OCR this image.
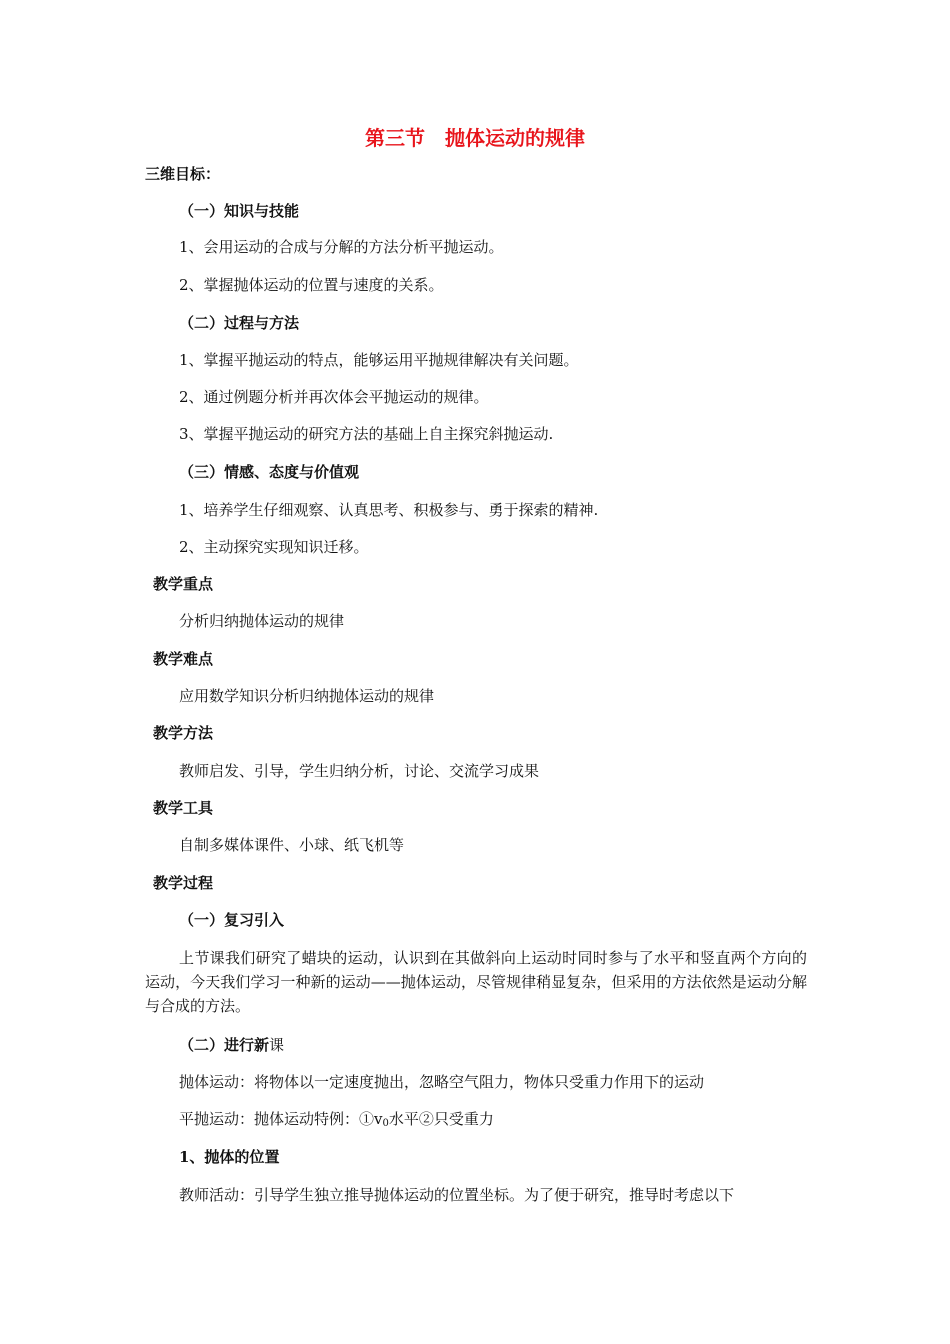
第三节　抛体运动的规律
三维目标：
（一）知识与技能
1、会用运动的合成与分解的方法分析平抛运动。
2、掌握抛体运动的位置与速度的关系。
（二）过程与方法
1、掌握平抛运动的特点，能够运用平抛规律解决有关问题。
2、通过例题分析并再次体会平抛运动的规律。
3、掌握平抛运动的研究方法的基础上自主探究斜抛运动.
（三）情感、态度与价值观
1、培养学生仔细观察、认真思考、积极参与、勇于探索的精神.
2、主动探究实现知识迁移。
教学重点
分析归纳抛体运动的规律
教学难点
应用数学知识分析归纳抛体运动的规律
教学方法
教师启发、引导，学生归纳分析，讨论、交流学习成果
教学工具
自制多媒体课件、小球、纸飞机等
教学过程
（一）复习引入
上节课我们研究了蜡块的运动，认识到在其做斜向上运动时同时参与了水平和竖直两个方向的运动，今天我们学习一种新的运动——抛体运动，尽管规律稍显复杂，但采用的方法依然是运动分解与合成的方法。
（二）进行新课
抛体运动：将物体以一定速度抛出，忽略空气阻力，物体只受重力作用下的运动
平抛运动：抛体运动特例：$①v_0$水平②只受重力
1、抛体的位置
教师活动：引导学生独立推导抛体运动的位置坐标。为了便于研究，推导时考虑以下
